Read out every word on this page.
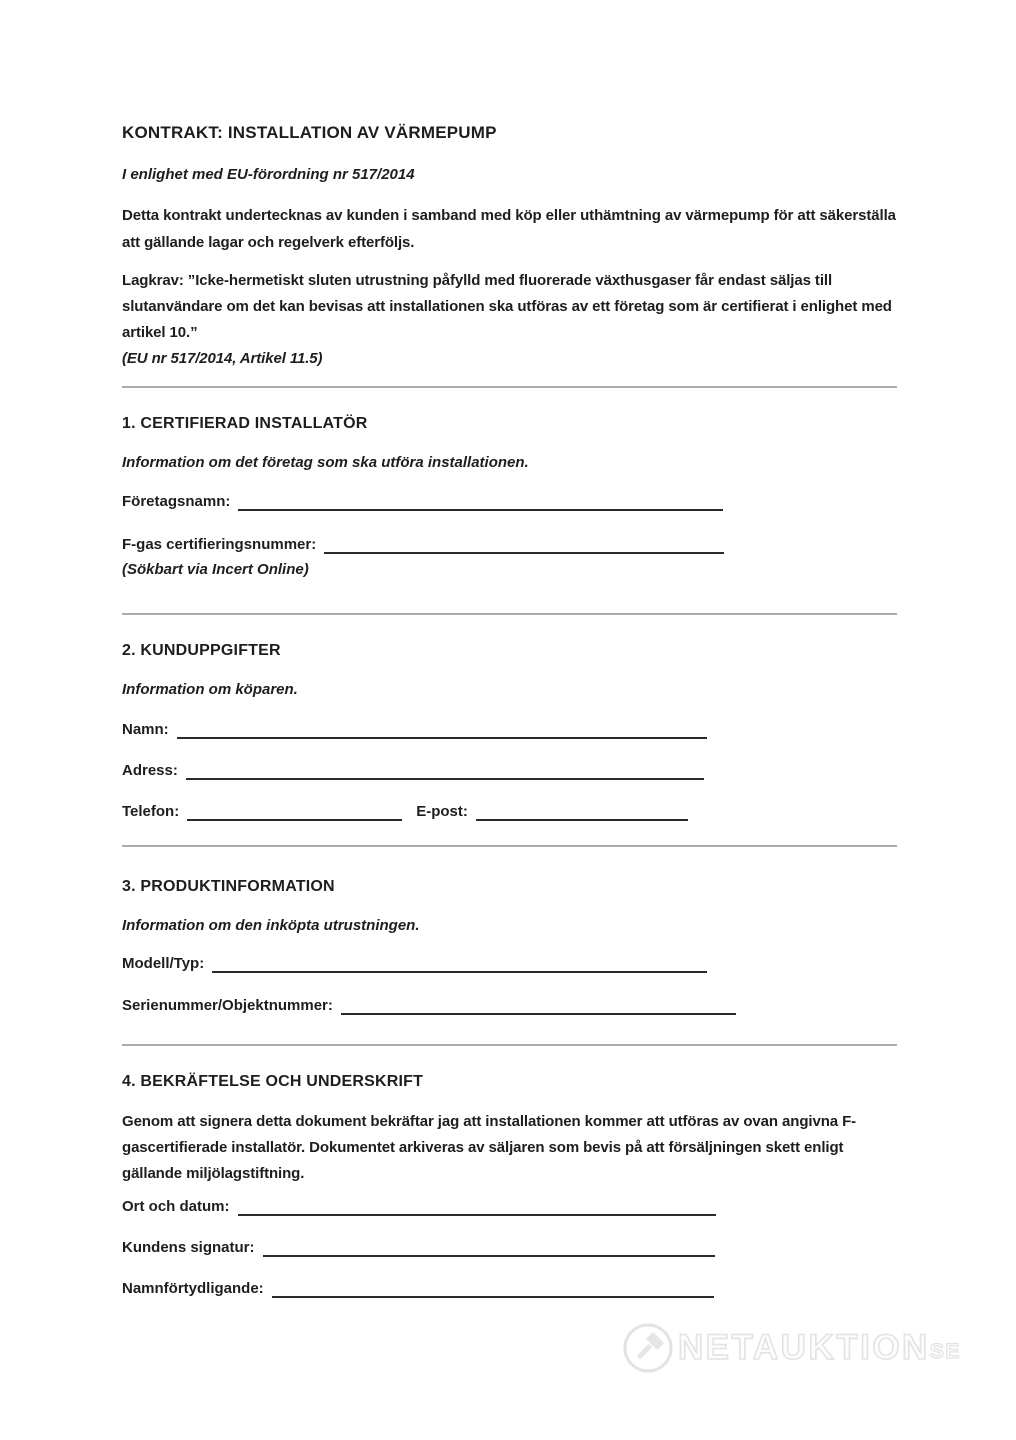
KONTRAKT: INSTALLATION AV VÄRMEPUMP
I enlighet med EU-förordning nr 517/2014
Detta kontrakt undertecknas av kunden i samband med köp eller uthämtning av värmepump för att säkerställa att gällande lagar och regelverk efterföljs.
Lagkrav: ”Icke-hermetiskt sluten utrustning påfylld med fluorerade växthusgaser får endast säljas till slutanvändare om det kan bevisas att installationen ska utföras av ett företag som är certifierat i enlighet med artikel 10.”
(EU nr 517/2014, Artikel 11.5)
1. CERTIFIERAD INSTALLATÖR
Information om det företag som ska utföra installationen.
Företagsnamn:
F-gas certifieringsnummer:
(Sökbart via Incert Online)
2. KUNDUPPGIFTER
Information om köparen.
Namn:
Adress:
Telefon:	E-post:
3. PRODUKTINFORMATION
Information om den inköpta utrustningen.
Modell/Typ:
Serienummer/Objektnummer:
4. BEKRÄFTELSE OCH UNDERSKRIFT
Genom att signera detta dokument bekräftar jag att installationen kommer att utföras av ovan angivna F-gascertifierade installatör. Dokumentet arkiveras av säljaren som bevis på att försäljningen skett enligt gällande miljölagstiftning.
Ort och datum:
Kundens signatur:
Namnförtydligande:
NETAUKTION SE
